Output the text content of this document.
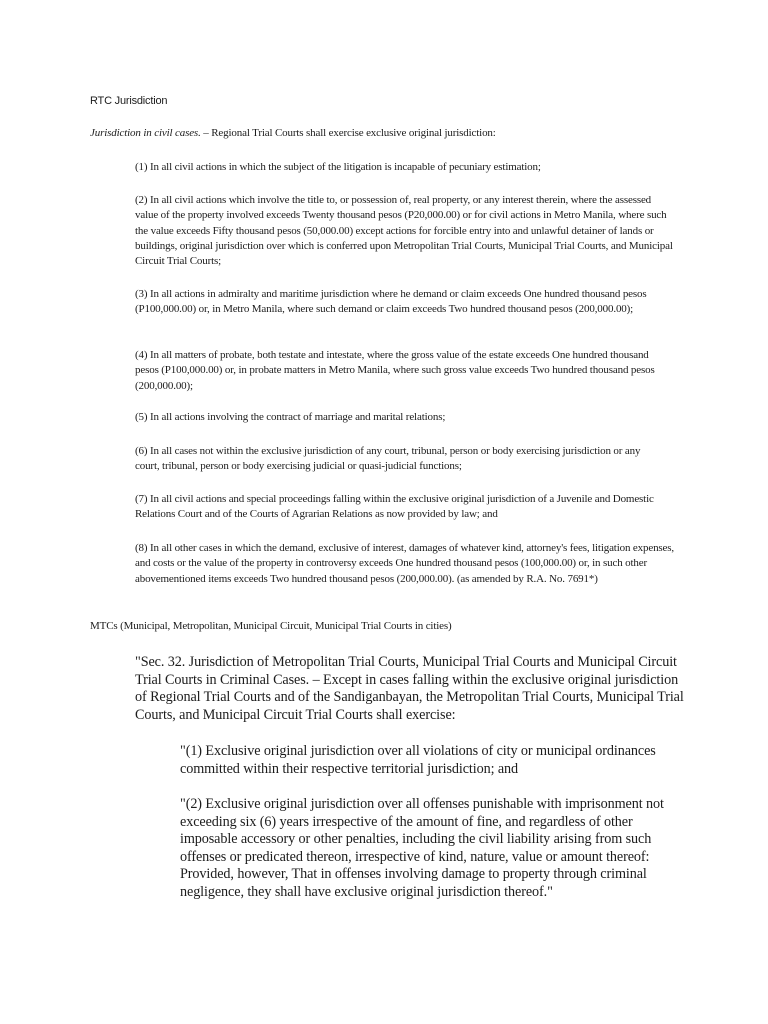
RTC Jurisdiction

Jurisdiction in civil cases. – Regional Trial Courts shall exercise exclusive original jurisdiction:

(1) In all civil actions in which the subject of the litigation is incapable of pecuniary estimation;

(2) In all civil actions which involve the title to, or possession of, real property, or any interest therein, where the assessed value of the property involved exceeds Twenty thousand pesos (P20,000.00) or for civil actions in Metro Manila, where such the value exceeds Fifty thousand pesos (50,000.00) except actions for forcible entry into and unlawful detainer of lands or buildings, original jurisdiction over which is conferred upon Metropolitan Trial Courts, Municipal Trial Courts, and Municipal Circuit Trial Courts;

(3) In all actions in admiralty and maritime jurisdiction where he demand or claim exceeds One hundred thousand pesos (P100,000.00) or, in Metro Manila, where such demand or claim exceeds Two hundred thousand pesos (200,000.00);

(4) In all matters of probate, both testate and intestate, where the gross value of the estate exceeds One hundred thousand pesos (P100,000.00) or, in probate matters in Metro Manila, where such gross value exceeds Two hundred thousand pesos (200,000.00);

(5) In all actions involving the contract of marriage and marital relations;

(6) In all cases not within the exclusive jurisdiction of any court, tribunal, person or body exercising jurisdiction or any court, tribunal, person or body exercising judicial or quasi-judicial functions;

(7) In all civil actions and special proceedings falling within the exclusive original jurisdiction of a Juvenile and Domestic Relations Court and of the Courts of Agrarian Relations as now provided by law; and

(8) In all other cases in which the demand, exclusive of interest, damages of whatever kind, attorney's fees, litigation expenses, and costs or the value of the property in controversy exceeds One hundred thousand pesos (100,000.00) or, in such other abovementioned items exceeds Two hundred thousand pesos (200,000.00). (as amended by R.A. No. 7691*)

MTCs (Municipal, Metropolitan, Municipal Circuit, Municipal Trial Courts in cities)

"Sec. 32. Jurisdiction of Metropolitan Trial Courts, Municipal Trial Courts and Municipal Circuit Trial Courts in Criminal Cases. – Except in cases falling within the exclusive original jurisdiction of Regional Trial Courts and of the Sandiganbayan, the Metropolitan Trial Courts, Municipal Trial Courts, and Municipal Circuit Trial Courts shall exercise:

"(1) Exclusive original jurisdiction over all violations of city or municipal ordinances committed within their respective territorial jurisdiction; and

"(2) Exclusive original jurisdiction over all offenses punishable with imprisonment not exceeding six (6) years irrespective of the amount of fine, and regardless of other imposable accessory or other penalties, including the civil liability arising from such offenses or predicated thereon, irrespective of kind, nature, value or amount thereof: Provided, however, That in offenses involving damage to property through criminal negligence, they shall have exclusive original jurisdiction thereof."
